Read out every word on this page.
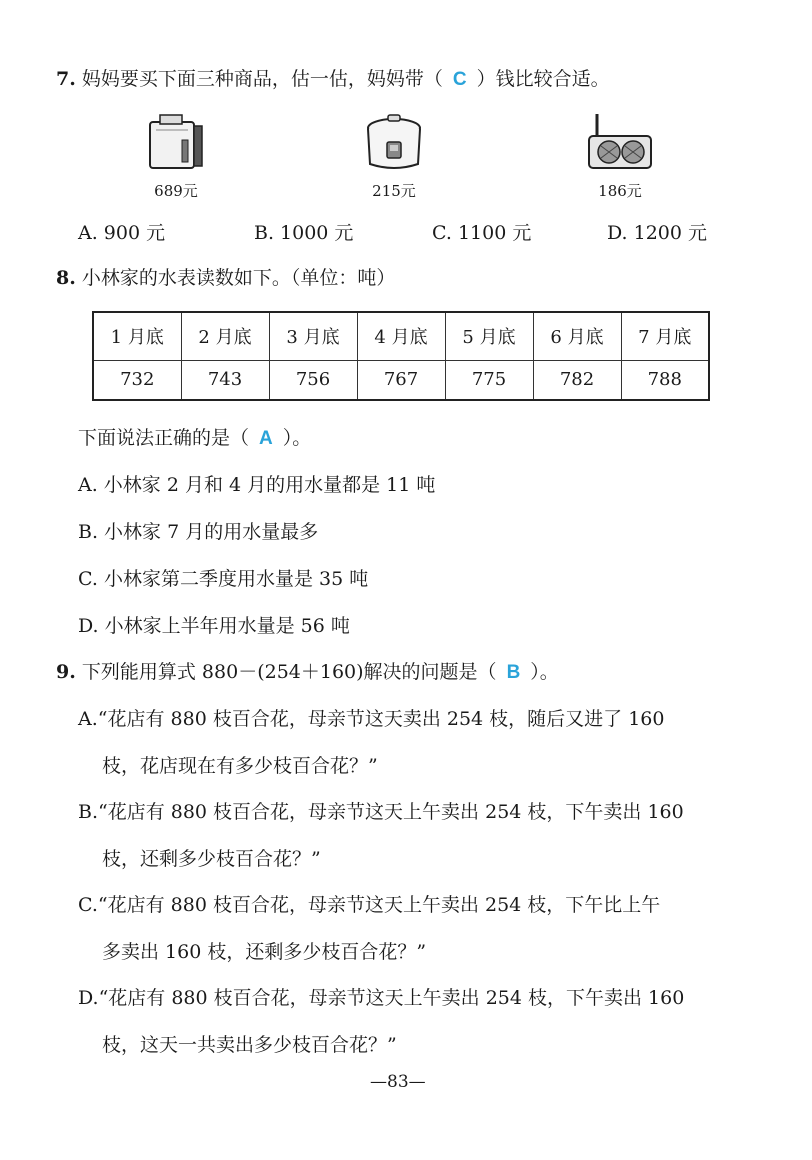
7. 妈妈要买下面三种商品，估一估，妈妈带（ C ）钱比较合适。
689元	215元	186元
A. 900 元	B. 1000 元	C. 1100 元	D. 1200 元
8. 小林家的水表读数如下。（单位：吨）
1 月底	2 月底	3 月底	4 月底	5 月底	6 月底	7 月底
732	743	756	767	775	782	788
下面说法正确的是（ A ）。
A. 小林家 2 月和 4 月的用水量都是 11 吨
B. 小林家 7 月的用水量最多
C. 小林家第二季度用水量是 35 吨
D. 小林家上半年用水量是 56 吨
9. 下列能用算式 880－(254＋160)解决的问题是（ B ）。
A.“花店有 880 枝百合花，母亲节这天卖出 254 枝，随后又进了 160
枝，花店现在有多少枝百合花？”
B.“花店有 880 枝百合花，母亲节这天上午卖出 254 枝，下午卖出 160
枝，还剩多少枝百合花？”
C.“花店有 880 枝百合花，母亲节这天上午卖出 254 枝，下午比上午
多卖出 160 枝，还剩多少枝百合花？”
D.“花店有 880 枝百合花，母亲节这天上午卖出 254 枝，下午卖出 160
枝，这天一共卖出多少枝百合花？”
—83—
